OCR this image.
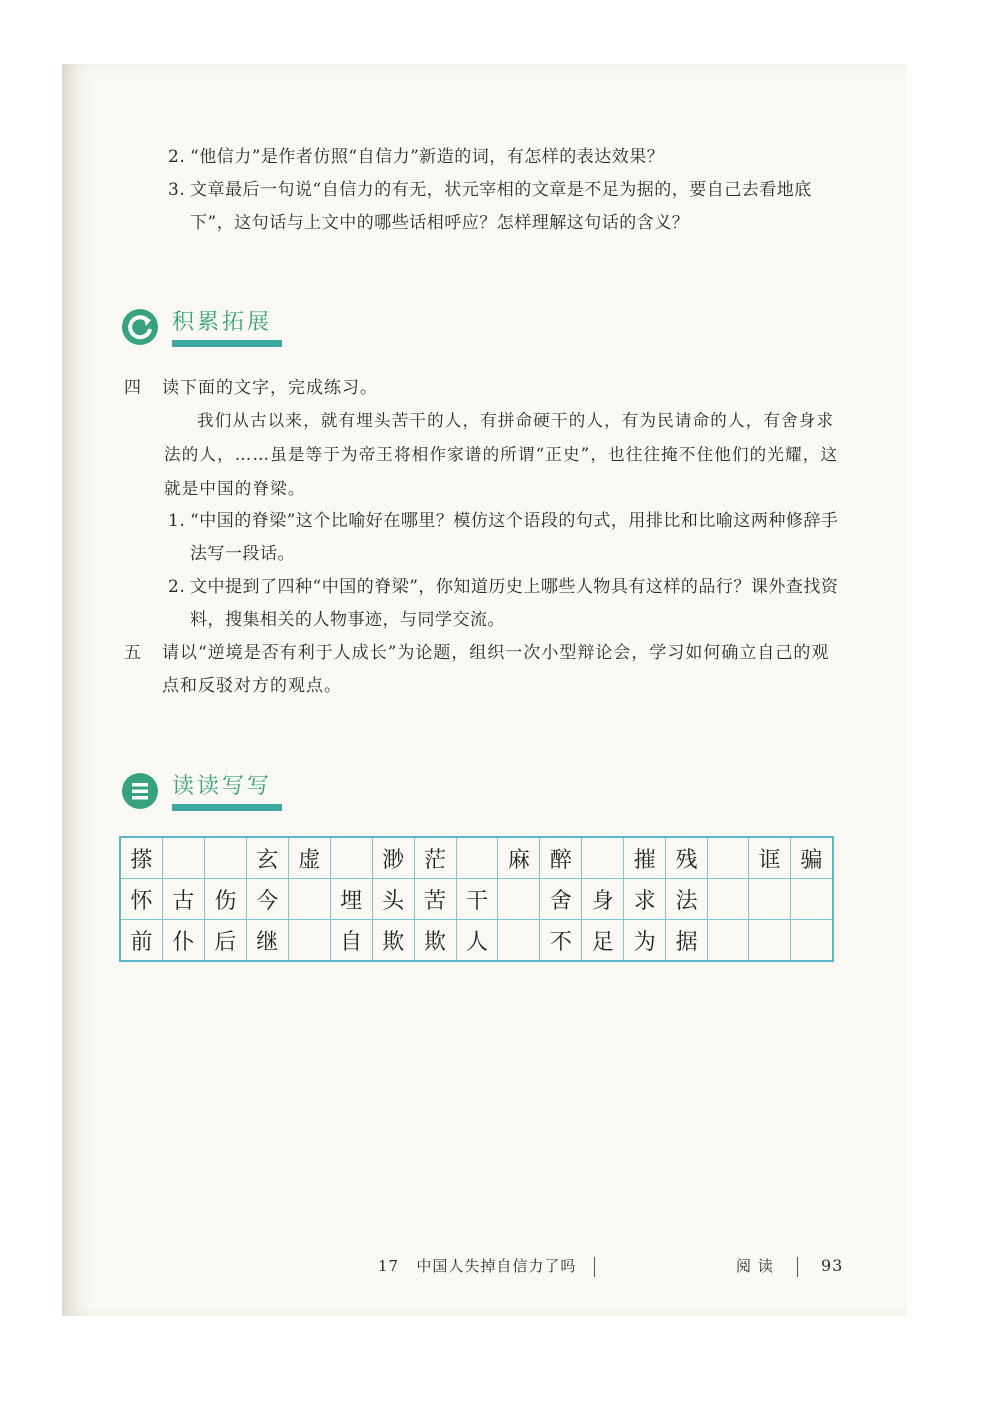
2. “他信力”是作者仿照“自信力”新造的词，有怎样的表达效果？
3. 文章最后一句说“自信力的有无，状元宰相的文章是不足为据的，要自己去看地底下”，这句话与上文中的哪些话相呼应？怎样理解这句话的含义？
积累拓展
四 读下面的文字，完成练习。
我们从古以来，就有埋头苦干的人，有拼命硬干的人，有为民请命的人，有舍身求法的人，……虽是等于为帝王将相作家谱的所谓“正史”，也往往掩不住他们的光耀，这就是中国的脊梁。
1. “中国的脊梁”这个比喻好在哪里？模仿这个语段的句式，用排比和比喻这两种修辞手法写一段话。
2. 文中提到了四种“中国的脊梁”，你知道历史上哪些人物具有这样的品行？课外查找资料，搜集相关的人物事迹，与同学交流。
五	请以“逆境是否有利于人成长”为论题，组织一次小型辩论会，学习如何确立自己的观点和反驳对方的观点。
读读写写
搽			玄	虚		渺	茫		麻	醉		摧	残		诓	骗
怀	古	伤	今		埋	头	苦	干		舍	身	求	法			
前	仆	后	继		自	欺	欺	人		不	足	为	据			
17 中国人失掉自信力了吗	阅 读	93
